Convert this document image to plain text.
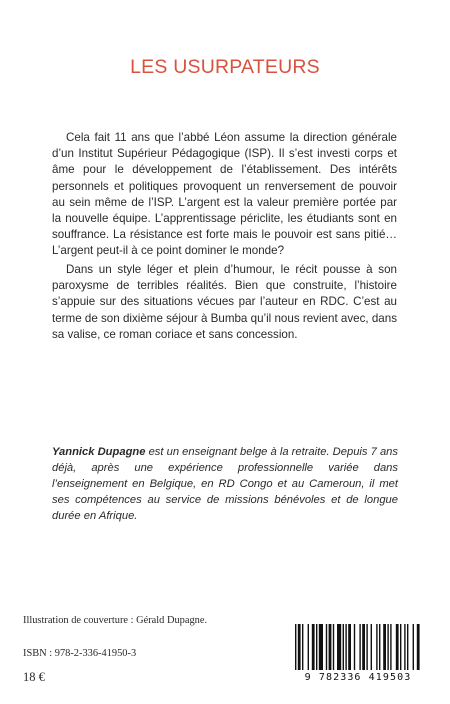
LES USURPATEURS

Cela fait 11 ans que l’abbé Léon assume la direction générale d’un Institut Supérieur Pédagogique (ISP). Il s’est investi corps et âme pour le développement de l’établissement. Des intérêts personnels et politiques provoquent un renversement de pouvoir au sein même de l’ISP. L’argent est la valeur première portée par la nouvelle équipe. L’apprentissage périclite, les étudiants sont en souffrance. La résistance est forte mais le pouvoir est sans pitié… L’argent peut-il à ce point dominer le monde?

Dans un style léger et plein d’humour, le récit pousse à son paroxysme de terribles réalités. Bien que construite, l’histoire s’appuie sur des situations vécues par l’auteur en RDC. C’est au terme de son dixième séjour à Bumba qu’il nous revient avec, dans sa valise, ce roman coriace et sans concession.

Yannick Dupagne est un enseignant belge à la retraite. Depuis 7 ans déjà, après une expérience professionnelle variée dans l’enseignement en Belgique, en RD Congo et au Cameroun, il met ses compétences au service de missions bénévoles et de longue durée en Afrique.

Illustration de couverture : Gérald Dupagne.
ISBN : 978-2-336-41950-3
18 €	9 782336 419503
